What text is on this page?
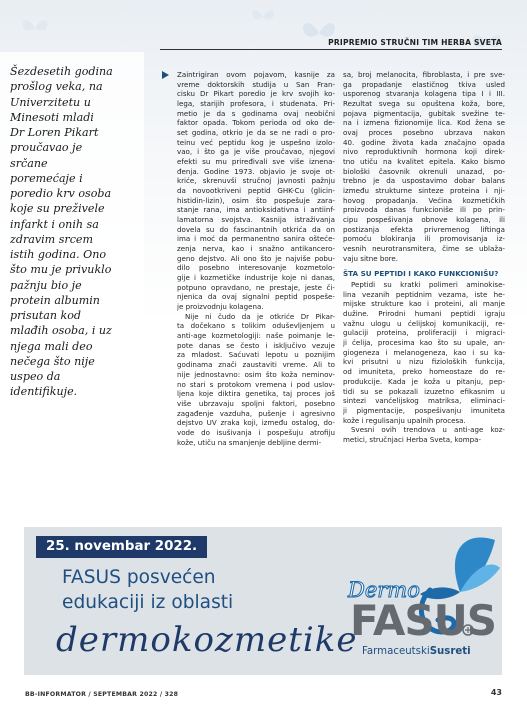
PRIPREMIO STRUČNI TIM HERBA SVETA
Šezdesetih godina
prošlog veka, na
Univerzitetu u
Minesoti mladi
Dr Loren Pikart
proučavao je
srčane
poremećaje i
poredio krv osoba
koje su preživele
infarkt i onih sa
zdravim srcem
istih godina. Ono
što mu je privuklo
pažnju bio je
protein albumin
prisutan kod
mlađih osoba, i uz
njega mali deo
nečega što nije
uspeo da
identifikuje.
Zaintrigiran ovom pojavom, kasnije za
vreme doktorskih studija u San Fran-
cisku Dr Pikart poredio je krv svojih ko-
lega, starijih profesora, i studenata. Pri-
metio je da s godinama ovaj neobični
faktor opada. Tokom perioda od oko de-
set godina, otkrio je da se ne radi o pro-
teinu već peptidu kog je uspešno izolo-
vao, i što ga je više proučavao, njegovi
efekti su mu priređivali sve više iznena-
đenja. Godine 1973. objavio je svoje ot-
kriće, skrenuvši stručnoj javnosti pažnju
da novootkriveni peptid GHK-Cu (glicin-
histidin-lizin), osim što pospešuje zara-
stanje rana, ima antioksidativna i antiinf-
lamatorna svojstva. Kasnija istraživanja
dovela su do fascinantnih otkrića da on
ima i moć da permanentno sanira ošteće-
zenja nerva, kao i snažno antikancero-
geno dejstvo. Ali ono što je najviše pobu-
dilo posebno interesovanje kozmetolo-
gije i kozmetičke industrije koje ni danas,
potpuno opravdano, ne prestaje, jeste či-
njenica da ovaj signalni peptid pospeše-
je proizvodnju kolagena.
Nije ni čudo da je otkriće Dr Pikar-
ta dočekano s tolikim oduševljenjem u
anti-age kozmetologiji: naše poimanje le-
pote danas se često i isključivo vezuje
za mladost. Saćuvati lepotu u poznijim
godinama znači zaustaviti vreme. Ali to
nije jednostavno: osim što koža neminov-
no stari s protokom vremena i pod uslov-
ljena koje diktira genetika, taj proces još
više ubrzavaju spoljni faktori, posebno
zagađenje vazduha, pušenje i agresivno
dejstvo UV zraka koji, između ostalog, do-
vode do isušivanja i pospešuju atrofiju
kože, utiču na smanjenje debljine dermi-
sa, broj melanocita, fibroblasta, i pre sve-
ga propadanje elastičnog tkiva usled
usporenog stvaranja kolagena tipa I i III.
Rezultat svega su opuštena koža, bore,
pojava pigmentacija, gubitak svežine te-
na i izmena fizionomije lica. Kod žena se
ovaj proces posebno ubrzava nakon
40. godine života kada značajno opada
nivo reproduktivnih hormona koji direk-
tno utiču na kvalitet epitela. Kako bismo
biološki časovnik okrenuli unazad, po-
trebno je da uspostavimo dobar balans
između strukturne sinteze proteina i nji-
hovog propadanja. Većina kozmetičkih
proizvoda danas funkcioniše ili po prin-
cipu pospešivanja obnove kolagena, ili
postizanja efekta privremenog liftinga
pomoću blokiranja ili promovisanja iz-
vesnih neurotransmitera, čime se ublaža-
vaju sitne bore.
ŠTA SU PEPTIDI I KAKO FUNKCIONIŠU?
Peptidi su kratki polimeri aminokise-
lina vezanih peptidnim vezama, iste he-
mijske strukture kao i proteini, ali manje
dužine. Prirodni humani peptidi igraju
važnu ulogu u ćelijskoj komunikaciji, re-
gulaciji proteina, proliferaciji i migraci-
ji ćelija, procesima kao što su upale, an-
giogeneza i melanogeneza, kao i su ka-
kvi prisutni u nizu fizioloških funkcija,
od imuniteta, preko homeostaze do re-
produkcije. Kada je koža u pitanju, pep-
tidi su se pokazali izuzetno efikasnim u
sintezi vanćelijskog matriksa, eliminaci-
ji pigmentacije, pospešivanju imuniteta
kože i regulisanju upalnih procesa.
Svesni ovih trendova u anti-age koz-
metici, stručnjaci Herba Sveta, kompa-
25. novembar 2022.
FASUS posvećen
edukaciji iz oblasti
dermokozmetike
Dermo
FASUS
FarmaceutskiSusreti
BB-INFORMATOR / SEPTEMBAR 2022 / 328	43
